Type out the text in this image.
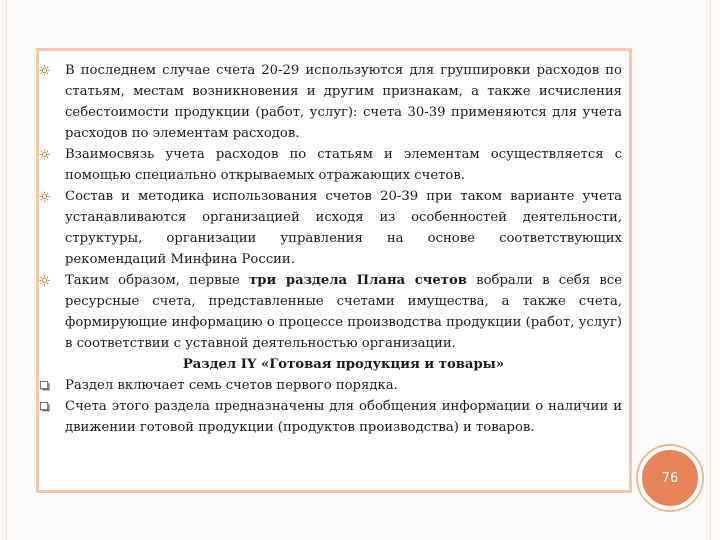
В последнем случае счета 20-29 используются для группировки расходов по статьям, местам возникновения и другим признакам, а также исчисления себестоимости продукции (работ, услуг): счета 30-39 применяются для учета расходов по элементам расходов.
Взаимосвязь учета расходов по статьям и элементам осуществляется с помощью специально открываемых отражающих счетов.
Состав и методика использования счетов 20-39 при таком варианте учета устанавливаются организацией исходя из особенностей деятельности, структуры, организации управления на основе соответствующих рекомендаций Минфина России.
Таким образом, первые три раздела Плана счетов вобрали в себя все ресурсные счета, представленные счетами имущества, а также счета, формирующие информацию о процессе производства продукции (работ, услуг) в соответствии с уставной деятельностью организации.
Раздел IY «Готовая продукция и товары»
Раздел включает семь счетов первого порядка.
Счета этого раздела предназначены для обобщения информации о наличии и движении готовой продукции (продуктов производства) и товаров.
76
